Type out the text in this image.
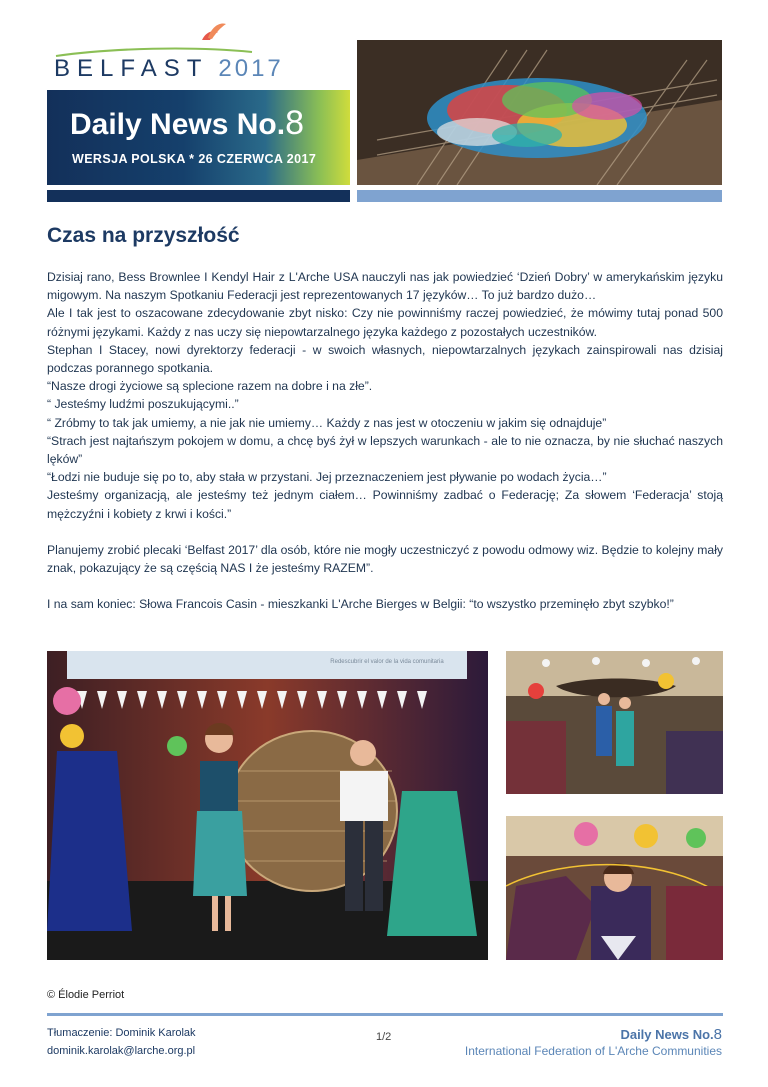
BELFAST 2017
Daily News No.8
WERSJA POLSKA * 26 CZERWCA 2017
Czas na przyszłość

Dzisiaj rano, Bess Brownlee I Kendyl Hair z L'Arche USA nauczyli nas jak powiedzieć ‘Dzień Dobry’ w amerykańskim języku migowym. Na naszym Spotkaniu Federacji jest reprezentowanych 17 języków… To już bardzo dużo…

Ale I tak jest to oszacowane zdecydowanie zbyt nisko: Czy nie powinniśmy raczej powiedzieć, że mówimy tutaj ponad 500 różnymi językami. Każdy z nas uczy się niepowtarzalnego języka każdego z pozostałych uczestników.

Stephan I Stacey, nowi dyrektorzy federacji - w swoich własnych, niepowtarzalnych językach zainspirowali nas dzisiaj podczas porannego spotkania.

“Nasze drogi życiowe są splecione razem na dobre i na złe”.

“ Jesteśmy ludźmi poszukującymi..”

“ Zróbmy to tak jak umiemy, a nie jak nie umiemy… Każdy z nas jest w otoczeniu w jakim się odnajduje”

“Strach jest najtańszym pokojem w domu, a chcę byś żył w lepszych warunkach - ale to nie oznacza, by nie słuchać naszych lęków”

“Łodzi nie buduje się po to, aby stała w przystani. Jej przeznaczeniem jest pływanie po wodach życia…”

Jesteśmy organizacją, ale jesteśmy też jednym ciałem… Powinniśmy zadbać o Federację; Za słowem ‘Federacja’ stoją mężczyźni i kobiety z krwi i kości.”

Planujemy zrobić plecaki ‘Belfast 2017’ dla osób, które nie mogły uczestniczyć z powodu odmowy wiz. Będzie to kolejny mały znak, pokazujący że są częścią NAS I że jesteśmy RAZEM”.

I na sam koniec: Słowa Francois Casin - mieszkanki L'Arche Bierges w Belgii: “to wszystko przeminęło zbyt szybko!”

Redescubrir el valor de la vida comunitaria
© Élodie Perriot
Tłumaczenie: Dominik Karolak
dominik.karolak@larche.org.pl
1/2	Daily News No.8
International Federation of L'Arche Communities
